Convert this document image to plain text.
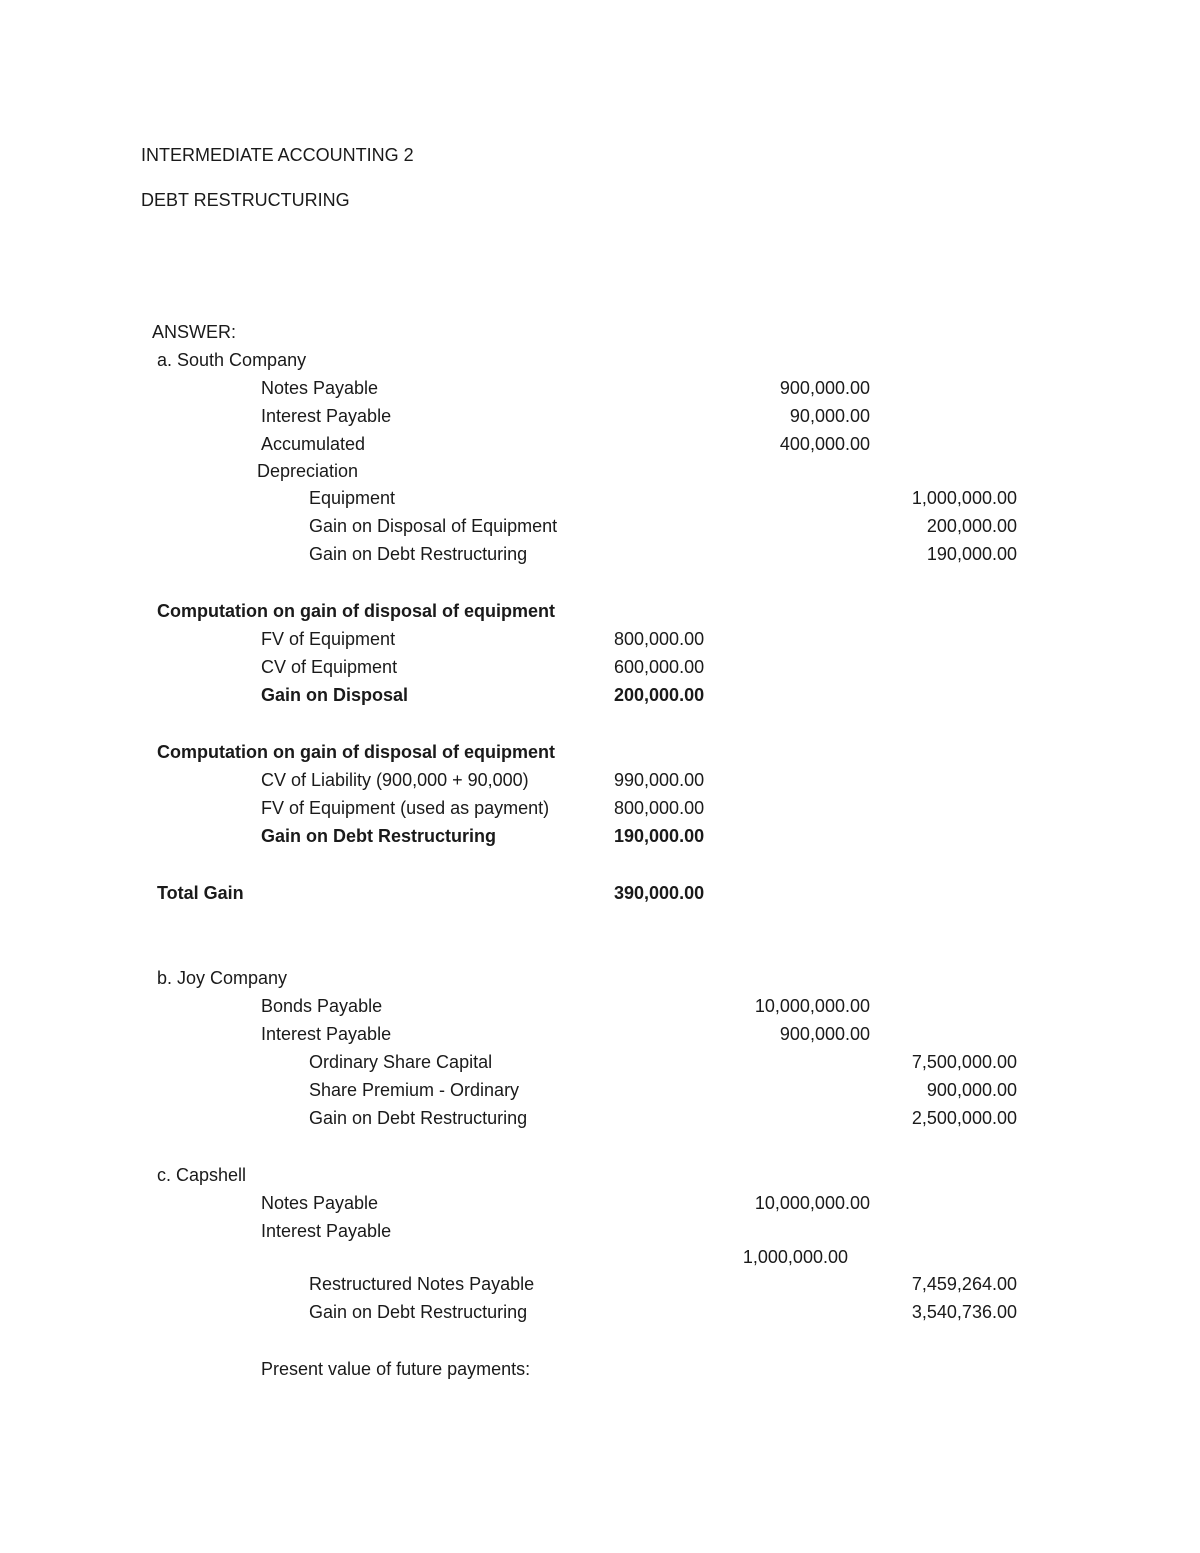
INTERMEDIATE ACCOUNTING 2
DEBT RESTRUCTURING
ANSWER:
a. South Company
Notes Payable	900,000.00
Interest Payable	90,000.00
Accumulated	400,000.00
Depreciation
Equipment	1,000,000.00
Gain on Disposal of Equipment	200,000.00
Gain on Debt Restructuring	190,000.00
Computation on gain of disposal of equipment
FV of Equipment	800,000.00
CV of Equipment	600,000.00
Gain on Disposal	200,000.00
Computation on gain of disposal of equipment
CV of Liability (900,000 + 90,000)	990,000.00
FV of Equipment (used as payment)	800,000.00
Gain on Debt Restructuring	190,000.00
Total Gain	390,000.00
b. Joy Company
Bonds Payable	10,000,000.00
Interest Payable	900,000.00
Ordinary Share Capital	7,500,000.00
Share Premium - Ordinary	900,000.00
Gain on Debt Restructuring	2,500,000.00
c. Capshell
Notes Payable	10,000,000.00
Interest Payable
1,000,000.00
Restructured Notes Payable	7,459,264.00
Gain on Debt Restructuring	3,540,736.00
Present value of future payments:
